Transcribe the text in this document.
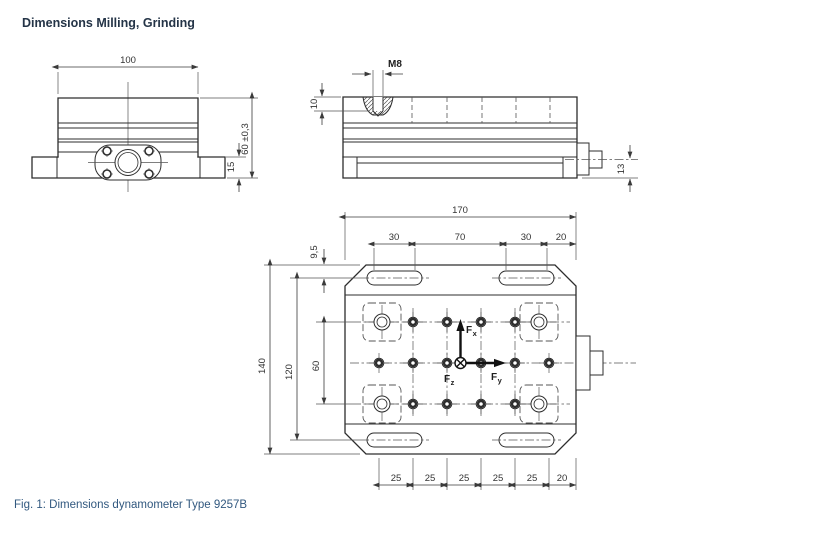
Dimensions Milling, Grinding
100
60 ±0,3
15
M8
10
13
$F_x$
$F_y$
$F_z$
170
30	70	30	20
9,5
140 120 60
25 25 25 25 25 20
Fig. 1: Dimensions dynamometer Type 9257B
